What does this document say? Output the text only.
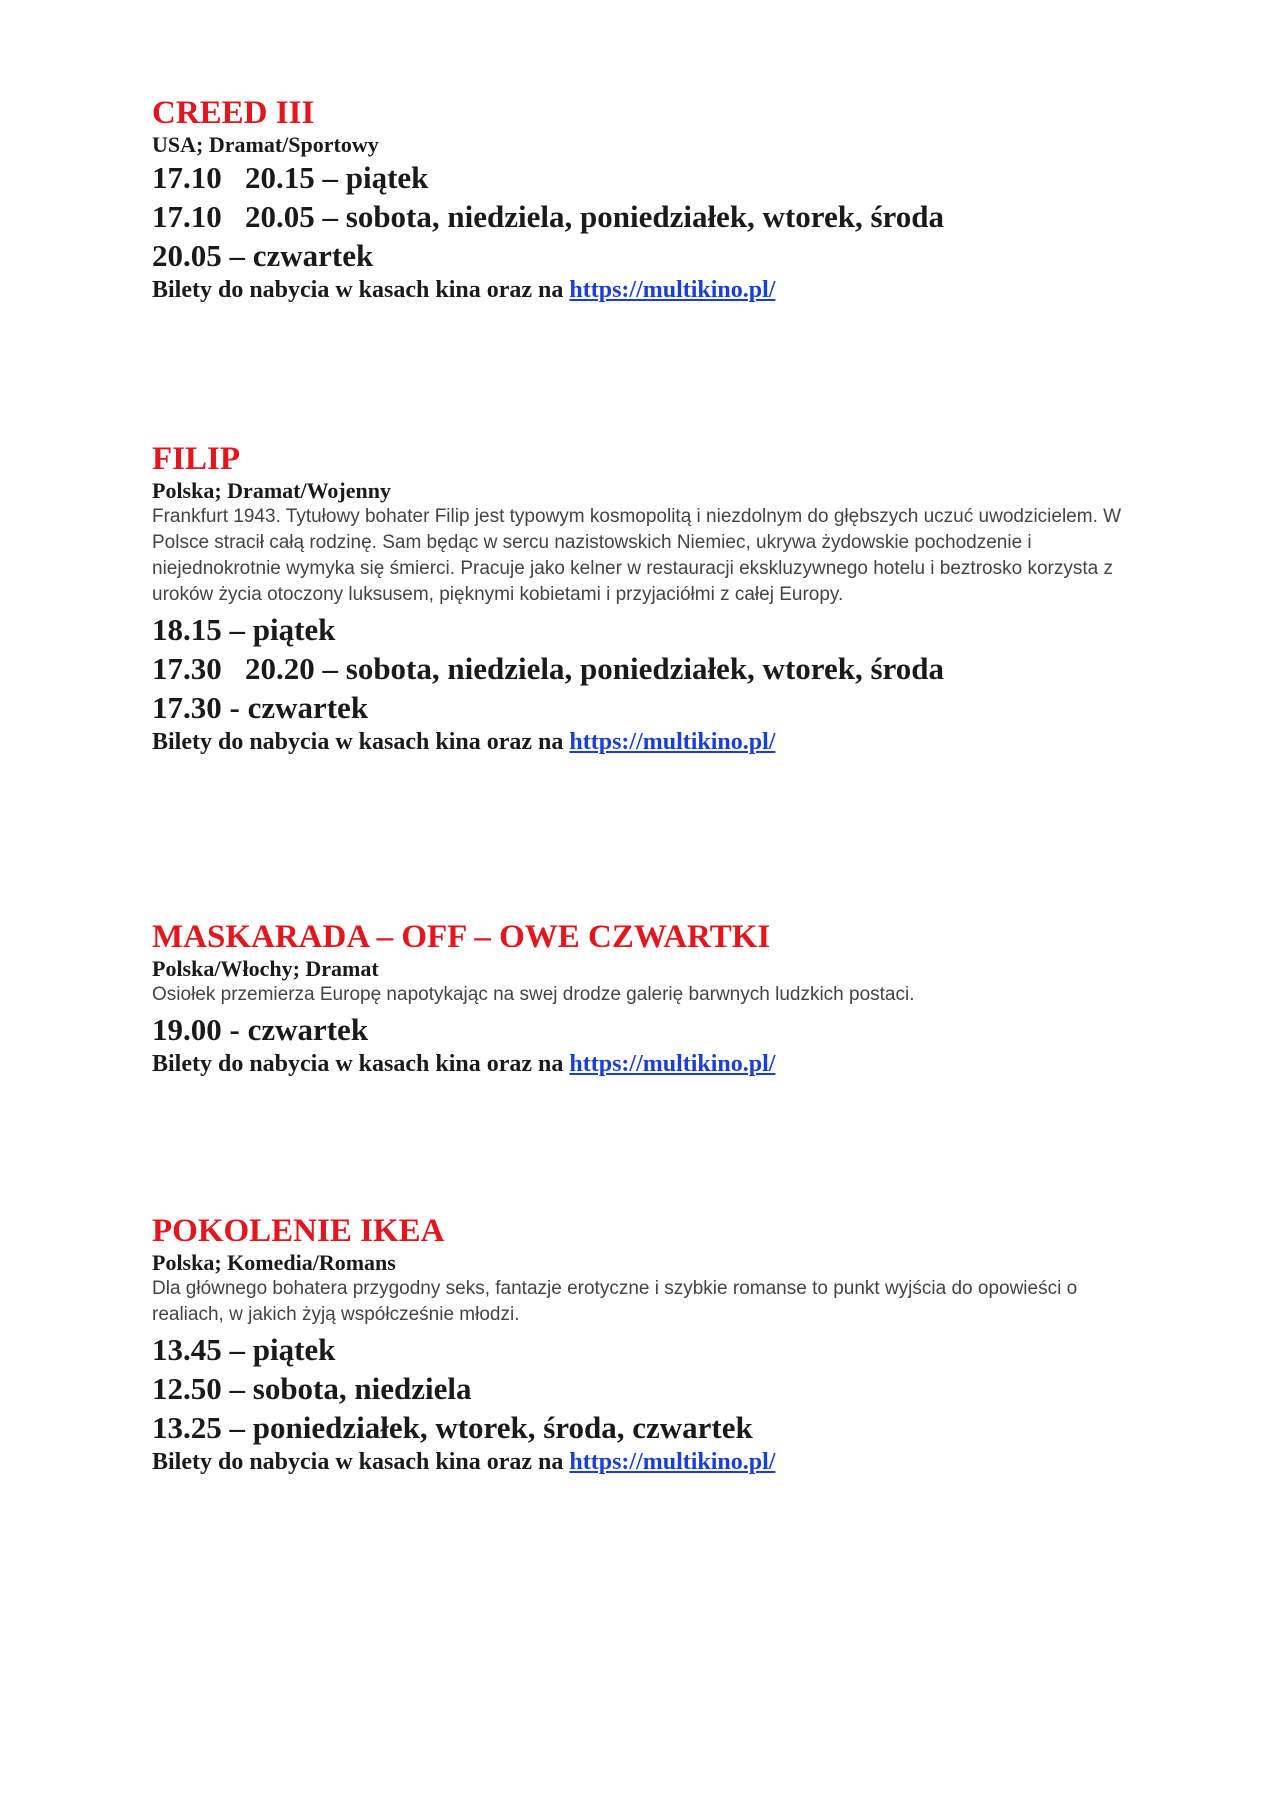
CREED III

USA; Dramat/Sportowy

17.10   20.15 – piątek

17.10   20.05 – sobota, niedziela, poniedziałek, wtorek, środa

20.05 – czwartek

Bilety do nabycia w kasach kina oraz na https://multikino.pl/

FILIP

Polska; Dramat/Wojenny

Frankfurt 1943. Tytułowy bohater Filip jest typowym kosmopolitą i niezdolnym do głębszych uczuć uwodzicielem. W Polsce stracił całą rodzinę. Sam będąc w sercu nazistowskich Niemiec, ukrywa żydowskie pochodzenie i niejednokrotnie wymyka się śmierci. Pracuje jako kelner w restauracji ekskluzywnego hotelu i beztrosko korzysta z uroków życia otoczony luksusem, pięknymi kobietami i przyjaciółmi z całej Europy.

18.15 – piątek

17.30   20.20 – sobota, niedziela, poniedziałek, wtorek, środa

17.30 - czwartek

Bilety do nabycia w kasach kina oraz na https://multikino.pl/

MASKARADA – OFF – OWE CZWARTKI

Polska/Włochy; Dramat

Osiołek przemierza Europę napotykając na swej drodze galerię barwnych ludzkich postaci.

19.00 - czwartek

Bilety do nabycia w kasach kina oraz na https://multikino.pl/

POKOLENIE IKEA

Polska; Komedia/Romans

Dla głównego bohatera przygodny seks, fantazje erotyczne i szybkie romanse to punkt wyjścia do opowieści o realiach, w jakich żyją współcześnie młodzi.

13.45 – piątek

12.50 – sobota, niedziela

13.25 – poniedziałek, wtorek, środa, czwartek

Bilety do nabycia w kasach kina oraz na https://multikino.pl/
